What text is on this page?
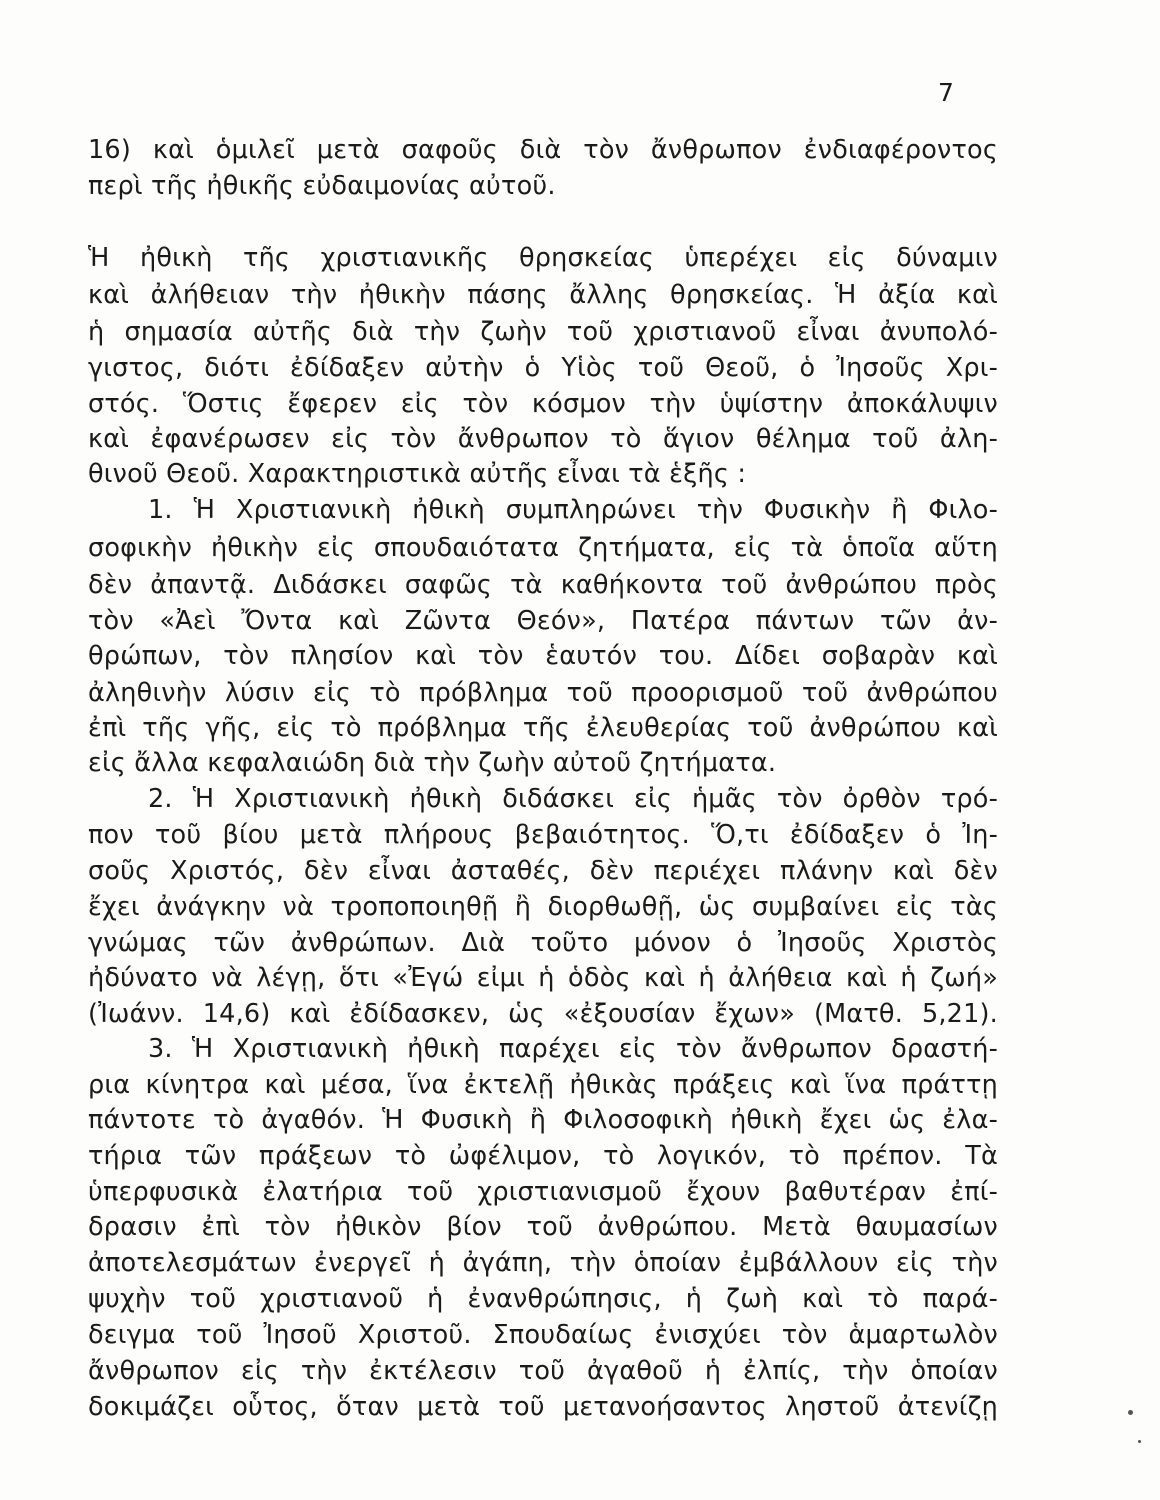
7
16) καὶ ὁμιλεῖ μετὰ σαφοῦς διὰ τὸν ἄνθρωπον ἐνδιαφέροντος
περὶ τῆς ἠθικῆς εὐδαιμονίας αὐτοῦ.
Ἡ ἠθικὴ τῆς χριστιανικῆς θρησκείας ὑπερέχει εἰς δύναμιν
καὶ ἀλήθειαν τὴν ἠθικὴν πάσης ἄλλης θρησκείας. Ἡ ἀξία καὶ
ἡ σημασία αὐτῆς διὰ τὴν ζωὴν τοῦ χριστιανοῦ εἶναι ἀνυπολό-
γιστος, διότι ἐδίδαξεν αὐτὴν ὁ Υἱὸς τοῦ Θεοῦ, ὁ Ἰησοῦς Χρι-
στός. Ὅστις ἔφερεν εἰς τὸν κόσμον τὴν ὑψίστην ἀποκάλυψιν
καὶ ἐφανέρωσεν εἰς τὸν ἄνθρωπον τὸ ἅγιον θέλημα τοῦ ἀλη-
θινοῦ Θεοῦ. Χαρακτηριστικὰ αὐτῆς εἶναι τὰ ἑξῆς :
1. Ἡ Χριστιανικὴ ἠθικὴ συμπληρώνει τὴν Φυσικὴν ἢ Φιλο-
σοφικὴν ἠθικὴν εἰς σπουδαιότατα ζητήματα, εἰς τὰ ὁποῖα αὕτη
δὲν ἀπαντᾷ. Διδάσκει σαφῶς τὰ καθήκοντα τοῦ ἀνθρώπου πρὸς
τὸν «Ἀεὶ Ὄντα καὶ Ζῶντα Θεόν», Πατέρα πάντων τῶν ἀν-
θρώπων, τὸν πλησίον καὶ τὸν ἑαυτόν του. Δίδει σοβαρὰν καὶ
ἀληθινὴν λύσιν εἰς τὸ πρόβλημα τοῦ προορισμοῦ τοῦ ἀνθρώπου
ἐπὶ τῆς γῆς, εἰς τὸ πρόβλημα τῆς ἐλευθερίας τοῦ ἀνθρώπου καὶ
εἰς ἄλλα κεφαλαιώδη διὰ τὴν ζωὴν αὐτοῦ ζητήματα.
2. Ἡ Χριστιανικὴ ἠθικὴ διδάσκει εἰς ἡμᾶς τὸν ὀρθὸν τρό-
πον τοῦ βίου μετὰ πλήρους βεβαιότητος. Ὅ,τι ἐδίδαξεν ὁ Ἰη-
σοῦς Χριστός, δὲν εἶναι ἀσταθές, δὲν περιέχει πλάνην καὶ δὲν
ἔχει ἀνάγκην νὰ τροποποιηθῇ ἢ διορθωθῇ, ὡς συμβαίνει εἰς τὰς
γνώμας τῶν ἀνθρώπων. Διὰ τοῦτο μόνον ὁ Ἰησοῦς Χριστὸς
ἠδύνατο νὰ λέγῃ, ὅτι «Ἐγώ εἰμι ἡ ὁδὸς καὶ ἡ ἀλήθεια καὶ ἡ ζωή»
(Ἰωάνν. 14,6) καὶ ἐδίδασκεν, ὡς «ἐξουσίαν ἔχων» (Ματθ. 5,21).
3. Ἡ Χριστιανικὴ ἠθικὴ παρέχει εἰς τὸν ἄνθρωπον δραστή-
ρια κίνητρα καὶ μέσα, ἵνα ἐκτελῇ ἠθικὰς πράξεις καὶ ἵνα πράττῃ
πάντοτε τὸ ἀγαθόν. Ἡ Φυσικὴ ἢ Φιλοσοφικὴ ἠθικὴ ἔχει ὡς ἐλα-
τήρια τῶν πράξεων τὸ ὠφέλιμον, τὸ λογικόν, τὸ πρέπον. Τὰ
ὑπερφυσικὰ ἐλατήρια τοῦ χριστιανισμοῦ ἔχουν βαθυτέραν ἐπί-
δρασιν ἐπὶ τὸν ἠθικὸν βίον τοῦ ἀνθρώπου. Μετὰ θαυμασίων
ἀποτελεσμάτων ἐνεργεῖ ἡ ἀγάπη, τὴν ὁποίαν ἐμβάλλουν εἰς τὴν
ψυχὴν τοῦ χριστιανοῦ ἡ ἐνανθρώπησις, ἡ ζωὴ καὶ τὸ παρά-
δειγμα τοῦ Ἰησοῦ Χριστοῦ. Σπουδαίως ἐνισχύει τὸν ἁμαρτωλὸν
ἄνθρωπον εἰς τὴν ἐκτέλεσιν τοῦ ἀγαθοῦ ἡ ἐλπίς, τὴν ὁποίαν
δοκιμάζει οὗτος, ὅταν μετὰ τοῦ μετανοήσαντος ληστοῦ ἀτενίζῃ
